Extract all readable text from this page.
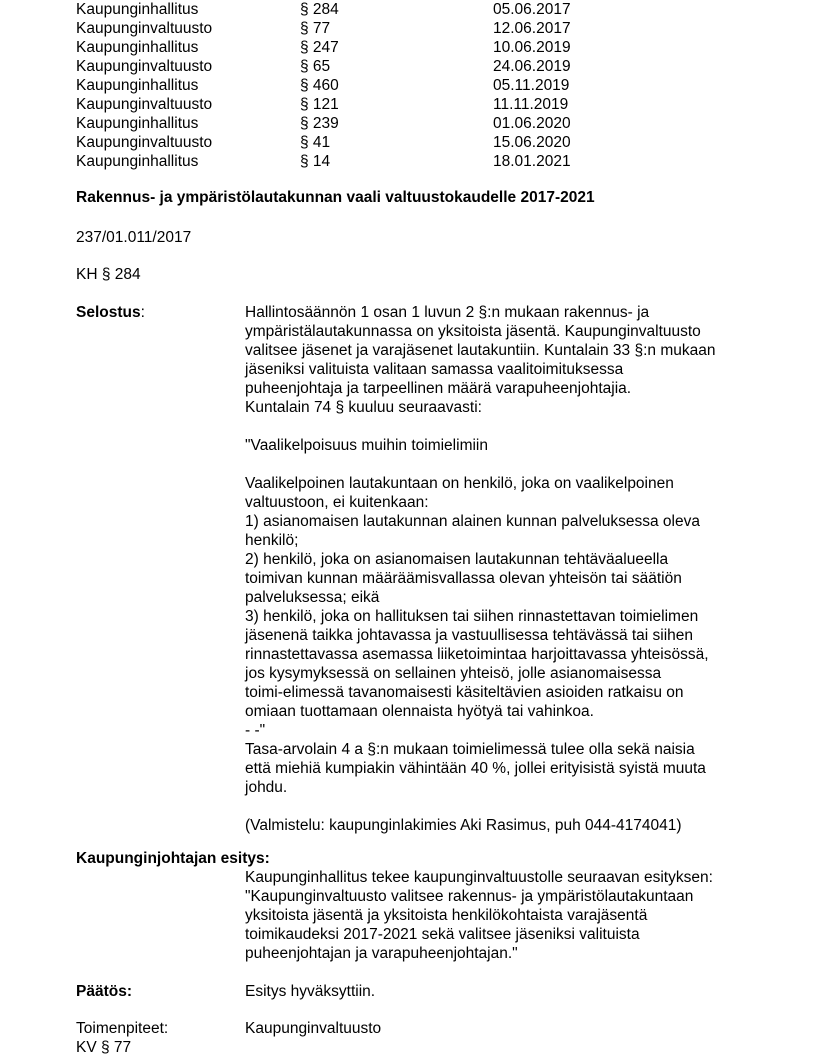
Kaupunginhallitus	§ 284	05.06.2017
Kaupunginvaltuusto	§ 77	12.06.2017
Kaupunginhallitus	§ 247	10.06.2019
Kaupunginvaltuusto	§ 65	24.06.2019
Kaupunginhallitus	§ 460	05.11.2019
Kaupunginvaltuusto	§ 121	11.11.2019
Kaupunginhallitus	§ 239	01.06.2020
Kaupunginvaltuusto	§ 41	15.06.2020
Kaupunginhallitus	§ 14	18.01.2021
Rakennus- ja ympäristölautakunnan vaali valtuustokaudelle 2017-2021
237/01.011/2017
KH § 284
Selostus:	Hallintosäännön 1 osan 1 luvun 2 §:n mukaan rakennus- ja
ympäristälautakunnassa on yksitoista jäsentä. Kaupunginvaltuusto
valitsee jäsenet ja varajäsenet lautakuntiin. Kuntalain 33 §:n mukaan
jäseniksi valituista valitaan samassa vaalitoimituksessa
puheenjohtaja ja tarpeellinen määrä varapuheenjohtajia.
Kuntalain 74 § kuuluu seuraavasti:
"Vaalikelpoisuus muihin toimielimiin
Vaalikelpoinen lautakuntaan on henkilö, joka on vaalikelpoinen
valtuustoon, ei kuitenkaan:
1) asianomaisen lautakunnan alainen kunnan palveluksessa oleva
henkilö;
2) henkilö, joka on asianomaisen lautakunnan tehtäväalueella
toimivan kunnan määräämisvallassa olevan yhteisön tai säätiön
palveluksessa; eikä
3) henkilö, joka on hallituksen tai siihen rinnastettavan toimielimen
jäsenenä taikka johtavassa ja vastuullisessa tehtävässä tai siihen
rinnastettavassa asemassa liiketoimintaa harjoittavassa yhteisössä,
jos kysymyksessä on sellainen yhteisö, jolle asianomaisessa
toimi-elimessä tavanomaisesti käsiteltävien asioiden ratkaisu on
omiaan tuottamaan olennaista hyötyä tai vahinkoa.
- -"
Tasa-arvolain 4 a §:n mukaan toimielimessä tulee olla sekä naisia
että miehiä kumpiakin vähintään 40 %, jollei erityisistä syistä muuta
johdu.
(Valmistelu: kaupunginlakimies Aki Rasimus, puh 044-4174041)
Kaupunginjohtajan esitys:
Kaupunginhallitus tekee kaupunginvaltuustolle seuraavan esityksen:
"Kaupunginvaltuusto valitsee rakennus- ja ympäristölautakuntaan
yksitoista jäsentä ja yksitoista henkilökohtaista varajäsentä
toimikaudeksi 2017-2021 sekä valitsee jäseniksi valituista
puheenjohtajan ja varapuheenjohtajan."
Päätös:	Esitys hyväksyttiin.
Toimenpiteet:	Kaupunginvaltuusto
KV § 77
